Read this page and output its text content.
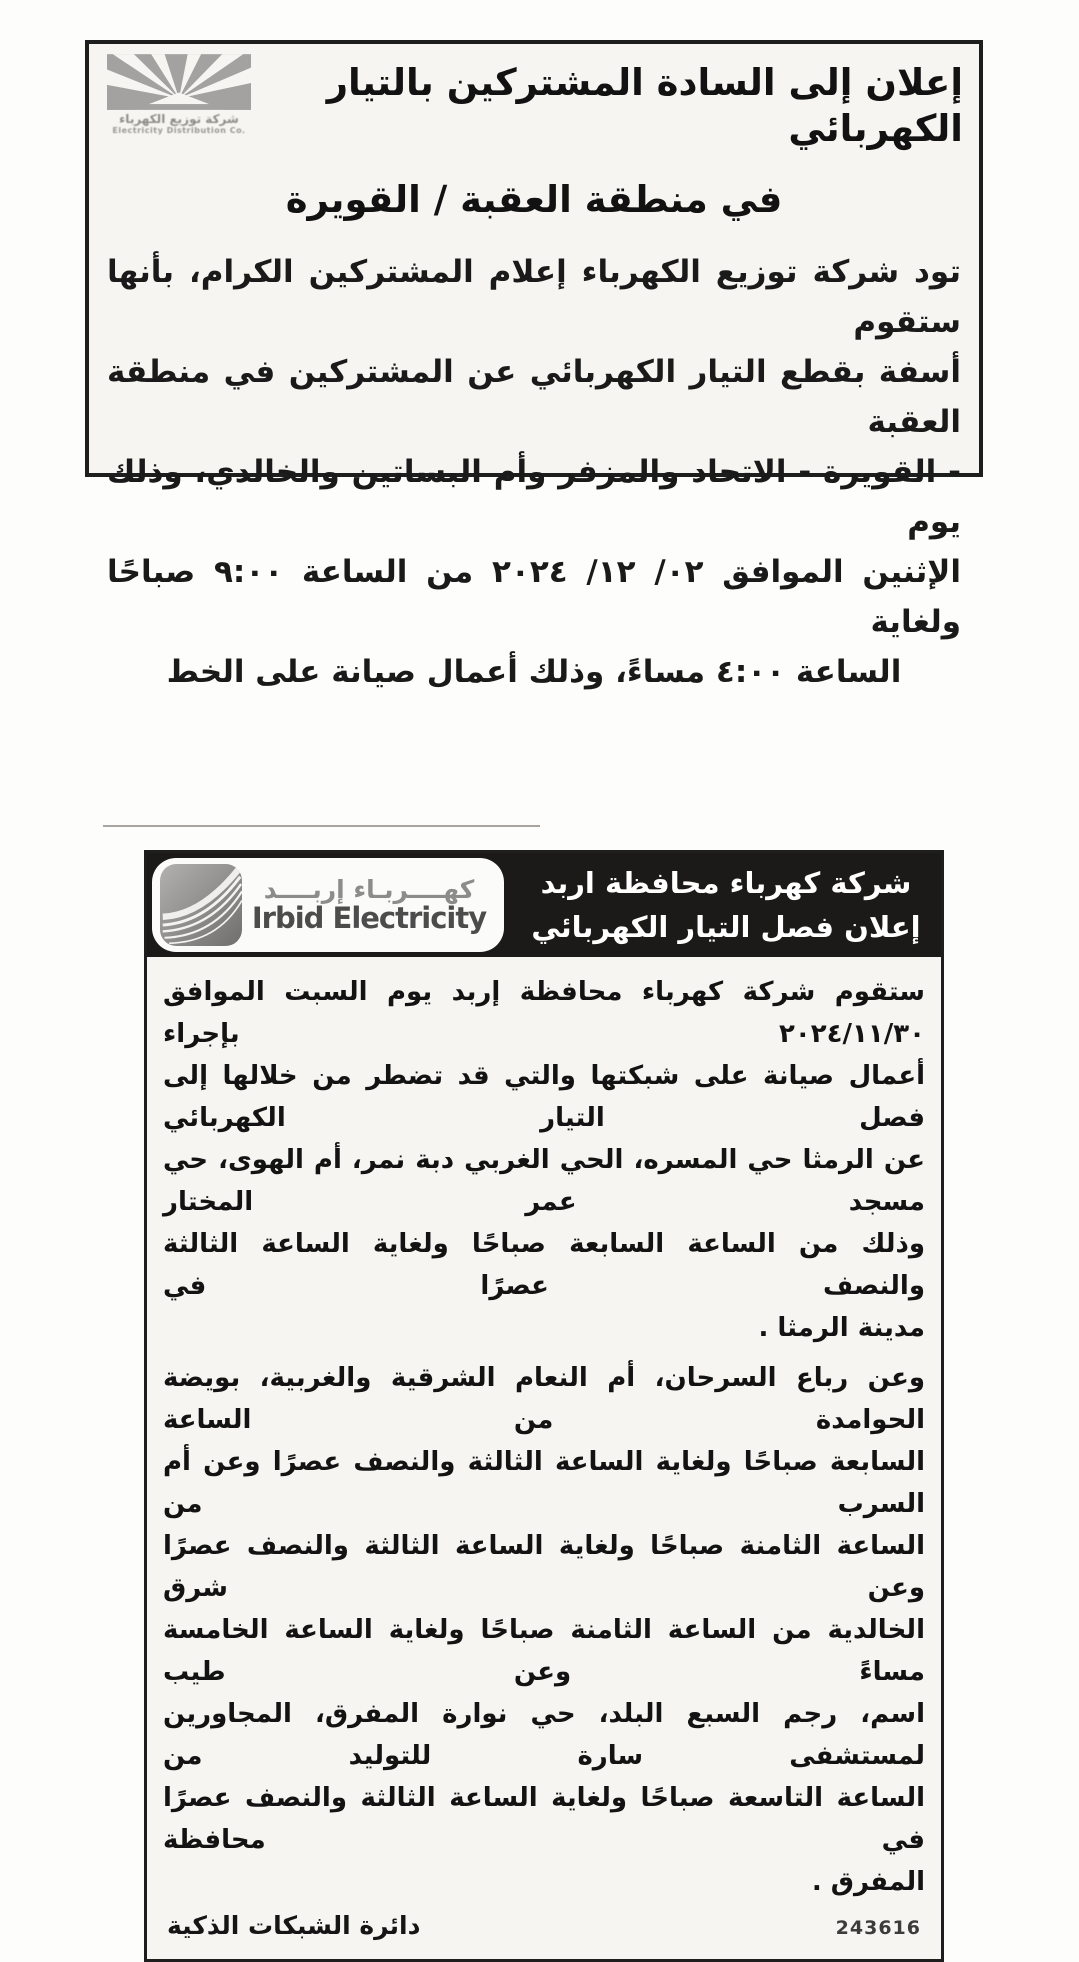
شركة توزيع الكهرباء
Electricity Distribution Co.
إعلان إلى السادة المشتركين بالتيار الكهربائي
في منطقة العقبة / القويرة
تود شركة توزيع الكهرباء إعلام المشتركين الكرام، بأنها ستقوم
أسفة بقطع التيار الكهربائي عن المشتركين في منطقة العقبة
- القويرة - الاتحاد والمزفر وأم البساتين والخالدي، وذلك يوم
الإثنين الموافق ‪٠٢/ ١٢/ ٢٠٢٤‬ من الساعة ٩:٠٠ صباحًا ولغاية
الساعة ٤:٠٠ مساءً، وذلك أعمال صيانة على الخط
كهــــربـاء إربــــد
Irbid Electricity
شركة كهرباء محافظة اربد
إعلان فصل التيار الكهربائي
ستقوم شركة كهرباء محافظة إربد يوم السبت الموافق ٢٠٢٤/١١/٣٠ بإجراء
أعمال صيانة على شبكتها والتي قد تضطر من خلالها إلى فصل التيار الكهربائي
عن الرمثا حي المسره، الحي الغربي دبة نمر، أم الهوى، حي مسجد عمر المختار
وذلك من الساعة السابعة صباحًا ولغاية الساعة الثالثة والنصف عصرًا في
مدينة الرمثا .
وعن رباع السرحان، أم النعام الشرقية والغربية، بويضة الحوامدة من الساعة
السابعة صباحًا ولغاية الساعة الثالثة والنصف عصرًا وعن أم السرب من
الساعة الثامنة صباحًا ولغاية الساعة الثالثة والنصف عصرًا وعن شرق
الخالدية من الساعة الثامنة صباحًا ولغاية الساعة الخامسة مساءً وعن طيب
اسم، رجم السبع البلد، حي نوارة المفرق، المجاورين لمستشفى سارة للتوليد من
الساعة التاسعة صباحًا ولغاية الساعة الثالثة والنصف عصرًا في محافظة
المفرق .
243616
دائرة الشبكات الذكية
